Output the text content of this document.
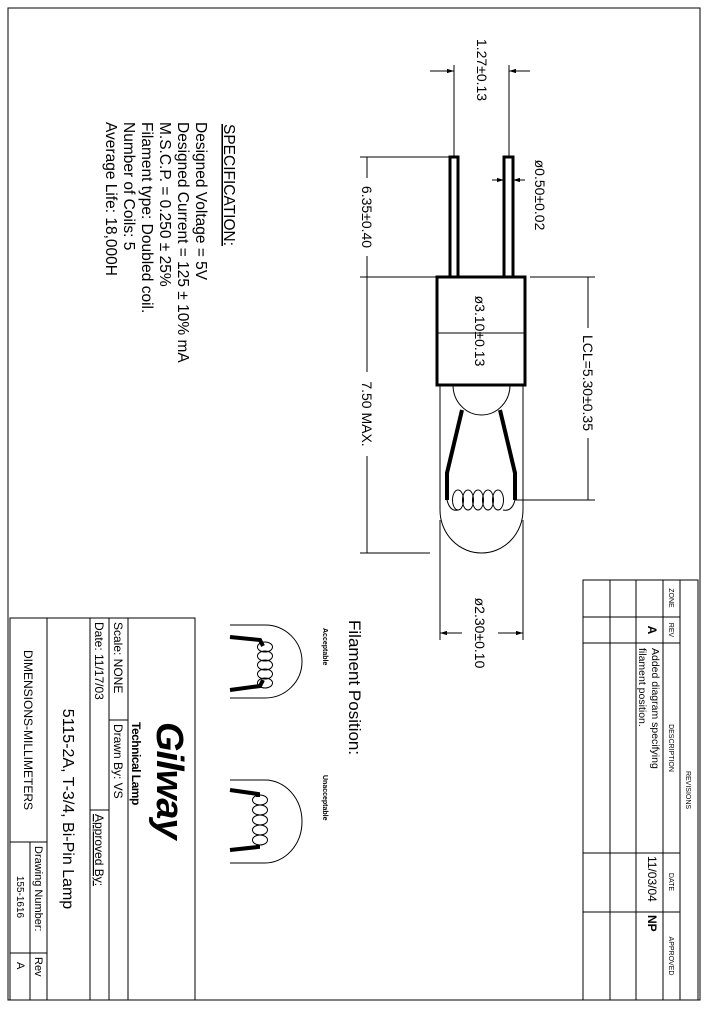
SPECIFICATION:
Designed Voltage = 5V
Designed Current = 125 ± 10% mA
M.S.C.P. = 0.250 ± 25%
Filament type: Doubled coil.
Number of Coils: 5
Average Life: 18,000H
ø3.10±0.13
1.27±0.13
ø0.50±0.02
6.35±0.40
7.50 MAX.	LCL=5.30±0.35
ø2.30±0.10
Filament Position:
Acceptable
Unacceptable	REVISIONS
ZONE
REV
DESCRIPTION
DATE
APPROVED
A
Added diagram specifying
filament position.
11/03/04
NP
Gilway
Technical Lamp
Scale: NONE
Drawn By: VS
Date: 11/17/03
Approved By:
5115-2A, T-3/4, Bi-Pin Lamp
DIMENSIONS-MILLIMETERS
Drawing Number:
155-1616
Rev
A
